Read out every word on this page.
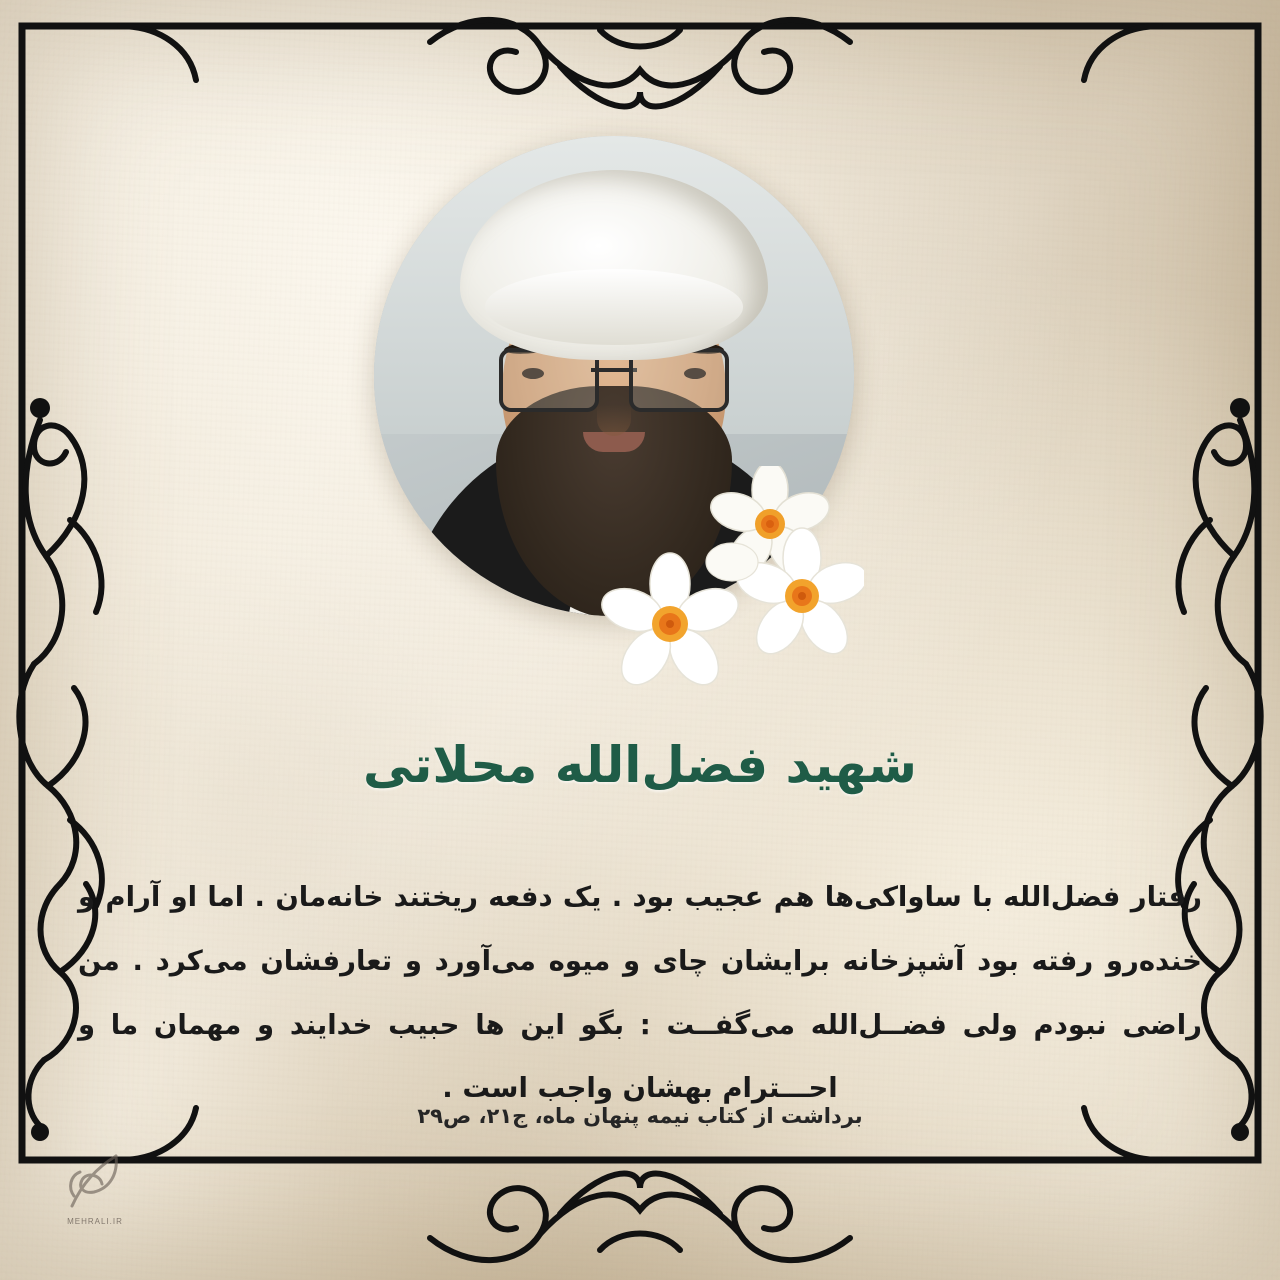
شهید فضل‌الله محلاتی
رفتار فضل‌الله با ساواکی‌ها هم عجیب بود . یک دفعه ریختند خانه‌مان . اما او آرام و خنده‌رو رفته بود آشپزخانه برایشان چای و میوه می‌آورد و تعارفشان می‌کرد . من راضی نبودم ولی فضــل‌الله می‌گفــت : بگو این ها حبیب خدایند و مهمان ما و احـــترام بهشان واجب است .
برداشت از کتاب نیمه پنهان ماه، ج۲۱، ص۲۹
MEHRALI.IR
